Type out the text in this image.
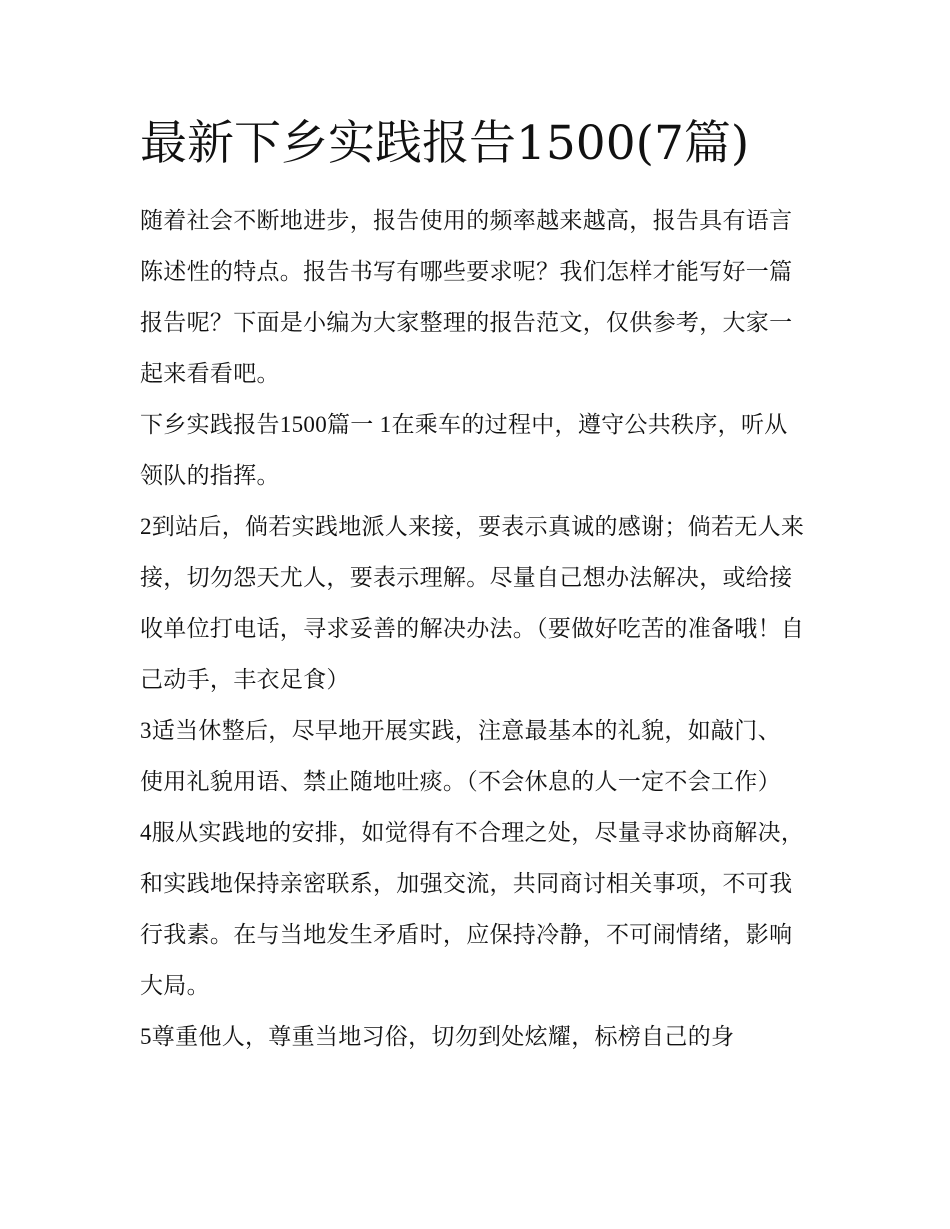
最新下乡实践报告1500(7篇)

随着社会不断地进步，报告使用的频率越来越高，报告具有语言陈述性的特点。报告书写有哪些要求呢？我们怎样才能写好一篇报告呢？下面是小编为大家整理的报告范文，仅供参考，大家一起来看看吧。

下乡实践报告1500篇一 1在乘车的过程中，遵守公共秩序，听从领队的指挥。

2到站后，倘若实践地派人来接，要表示真诚的感谢；倘若无人来接，切勿怨天尤人，要表示理解。尽量自己想办法解决，或给接收单位打电话，寻求妥善的解决办法。（要做好吃苦的准备哦！自己动手，丰衣足食）

3适当休整后，尽早地开展实践，注意最基本的礼貌，如敲门、使用礼貌用语、禁止随地吐痰。（不会休息的人一定不会工作）

4服从实践地的安排，如觉得有不合理之处，尽量寻求协商解决，和实践地保持亲密联系，加强交流，共同商讨相关事项，不可我行我素。在与当地发生矛盾时，应保持冷静，不可闹情绪，影响大局。

5尊重他人，尊重当地习俗，切勿到处炫耀，标榜自己的身
